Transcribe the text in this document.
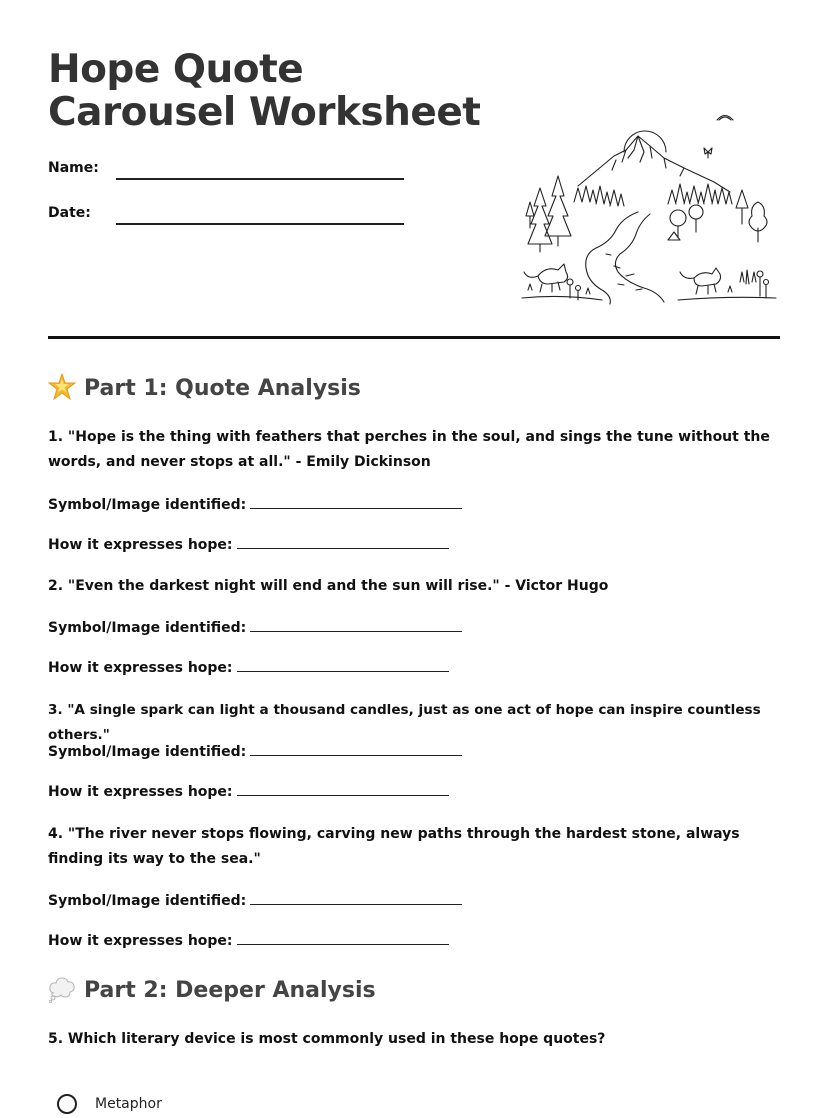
Hope Quote Carousel Worksheet
Name:
Date:
Part 1: Quote Analysis
1. "Hope is the thing with feathers that perches in the soul, and sings the tune without the words, and never stops at all." - Emily Dickinson
Symbol/Image identified:
How it expresses hope:
2. "Even the darkest night will end and the sun will rise." - Victor Hugo
Symbol/Image identified:
How it expresses hope:
3. "A single spark can light a thousand candles, just as one act of hope can inspire countless others."
Symbol/Image identified:
How it expresses hope:
4. "The river never stops flowing, carving new paths through the hardest stone, always finding its way to the sea."
Symbol/Image identified:
How it expresses hope:
Part 2: Deeper Analysis
5. Which literary device is most commonly used in these hope quotes?
Metaphor
